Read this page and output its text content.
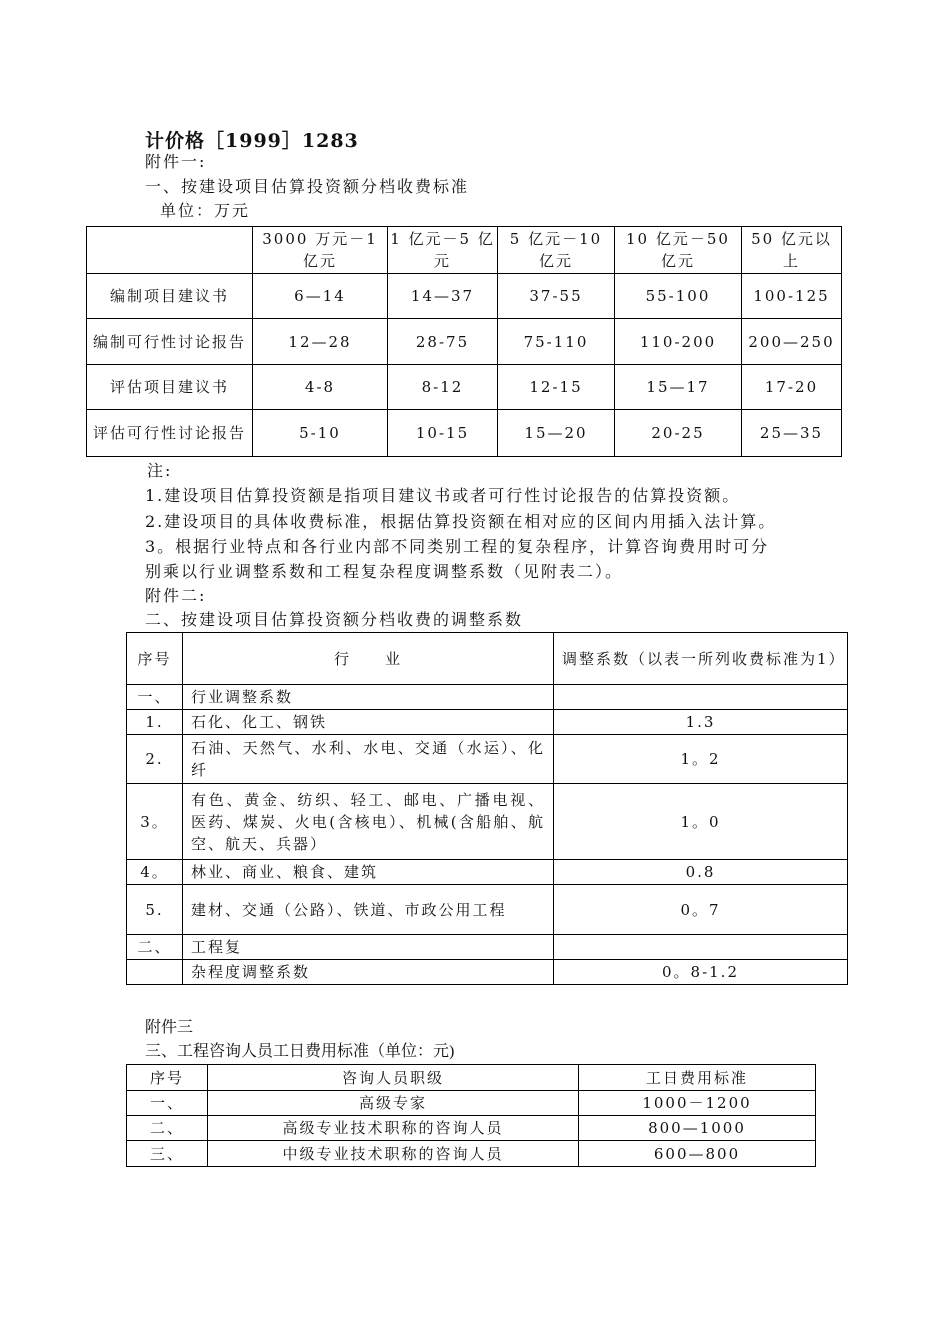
计价格［1999］1283
附件一:
一、按建设项目估算投资额分档收费标准
单位：万元
	3000 万元－1 亿元	1 亿元－5 亿元	5 亿元－10 亿元	10 亿元－50 亿元	50 亿元以上
编制项目建议书	6—14	14—37	37-55	55-100	100-125
编制可行性讨论报告	12—28	28-75	75-110	110-200	200—250
评估项目建议书	4-8	8-12	12-15	15—17	17-20
评估可行性讨论报告	5-10	10-15	15—20	20-25	25—35
注:
1.建设项目估算投资额是指项目建议书或者可行性讨论报告的估算投资额。
2.建设项目的具体收费标准，根据估算投资额在相对应的区间内用插入法计算。
3。根据行业特点和各行业内部不同类别工程的复杂程序，计算咨询费用时可分
别乘以行业调整系数和工程复杂程度调整系数（见附表二）。
附件二:
二、按建设项目估算投资额分档收费的调整系数
序号	行　　业	调整系数（以表一所列收费标准为1）
一、	行业调整系数	
1.	石化、化工、钢铁	1.3
2.	石油、天然气、水利、水电、交通（水运）、化纤	1。2
3。	有色、黄金、纺织、轻工、邮电、广播电视、医药、煤炭、火电(含核电）、机械(含船舶、航空、航天、兵器）	1。0
4。	林业、商业、粮食、建筑	0.8
5.	建材、交通（公路）、铁道、市政公用工程	0。7
二、	工程复	
	杂程度调整系数	0。8-1.2
附件三
三、工程咨询人员工日费用标准（单位：元)
序号	咨询人员职级	工日费用标准
一、	高级专家	1000－1200
二、	高级专业技术职称的咨询人员	800—1000
三、	中级专业技术职称的咨询人员	600—800
